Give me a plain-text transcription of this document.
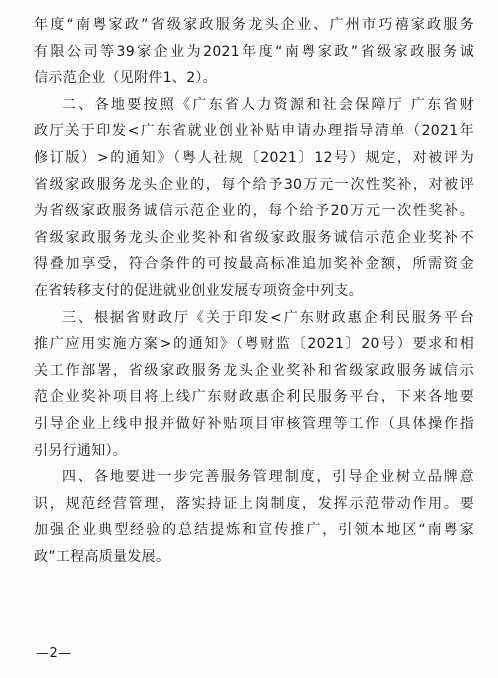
年度“南粤家政”省级家政服务龙头企业、广州市巧禧家政服务
有限公司等39家企业为2021年度“南粤家政”省级家政服务诚
信示范企业（见附件1、2）。
二、各地要按照《广东省人力资源和社会保障厅 广东省财
政厅关于印发<广东省就业创业补贴申请办理指导清单（2021年
修订版）>的通知》（粤人社规〔2021〕12号）规定，对被评为
省级家政服务龙头企业的，每个给予30万元一次性奖补，对被评
为省级家政服务诚信示范企业的，每个给予20万元一次性奖补。
省级家政服务龙头企业奖补和省级家政服务诚信示范企业奖补不
得叠加享受，符合条件的可按最高标准追加奖补金额，所需资金
在省转移支付的促进就业创业发展专项资金中列支。
三、根据省财政厅《关于印发<广东财政惠企利民服务平台
推广应用实施方案>的通知》（粤财监〔2021〕20号）要求和相
关工作部署，省级家政服务龙头企业奖补和省级家政服务诚信示
范企业奖补项目将上线广东财政惠企利民服务平台，下来各地要
引导企业上线申报并做好补贴项目审核管理等工作（具体操作指
引另行通知）。
四、各地要进一步完善服务管理制度，引导企业树立品牌意
识，规范经营管理，落实持证上岗制度，发挥示范带动作用。要
加强企业典型经验的总结提炼和宣传推广，引领本地区“南粤家
政”工程高质量发展。
—2—
